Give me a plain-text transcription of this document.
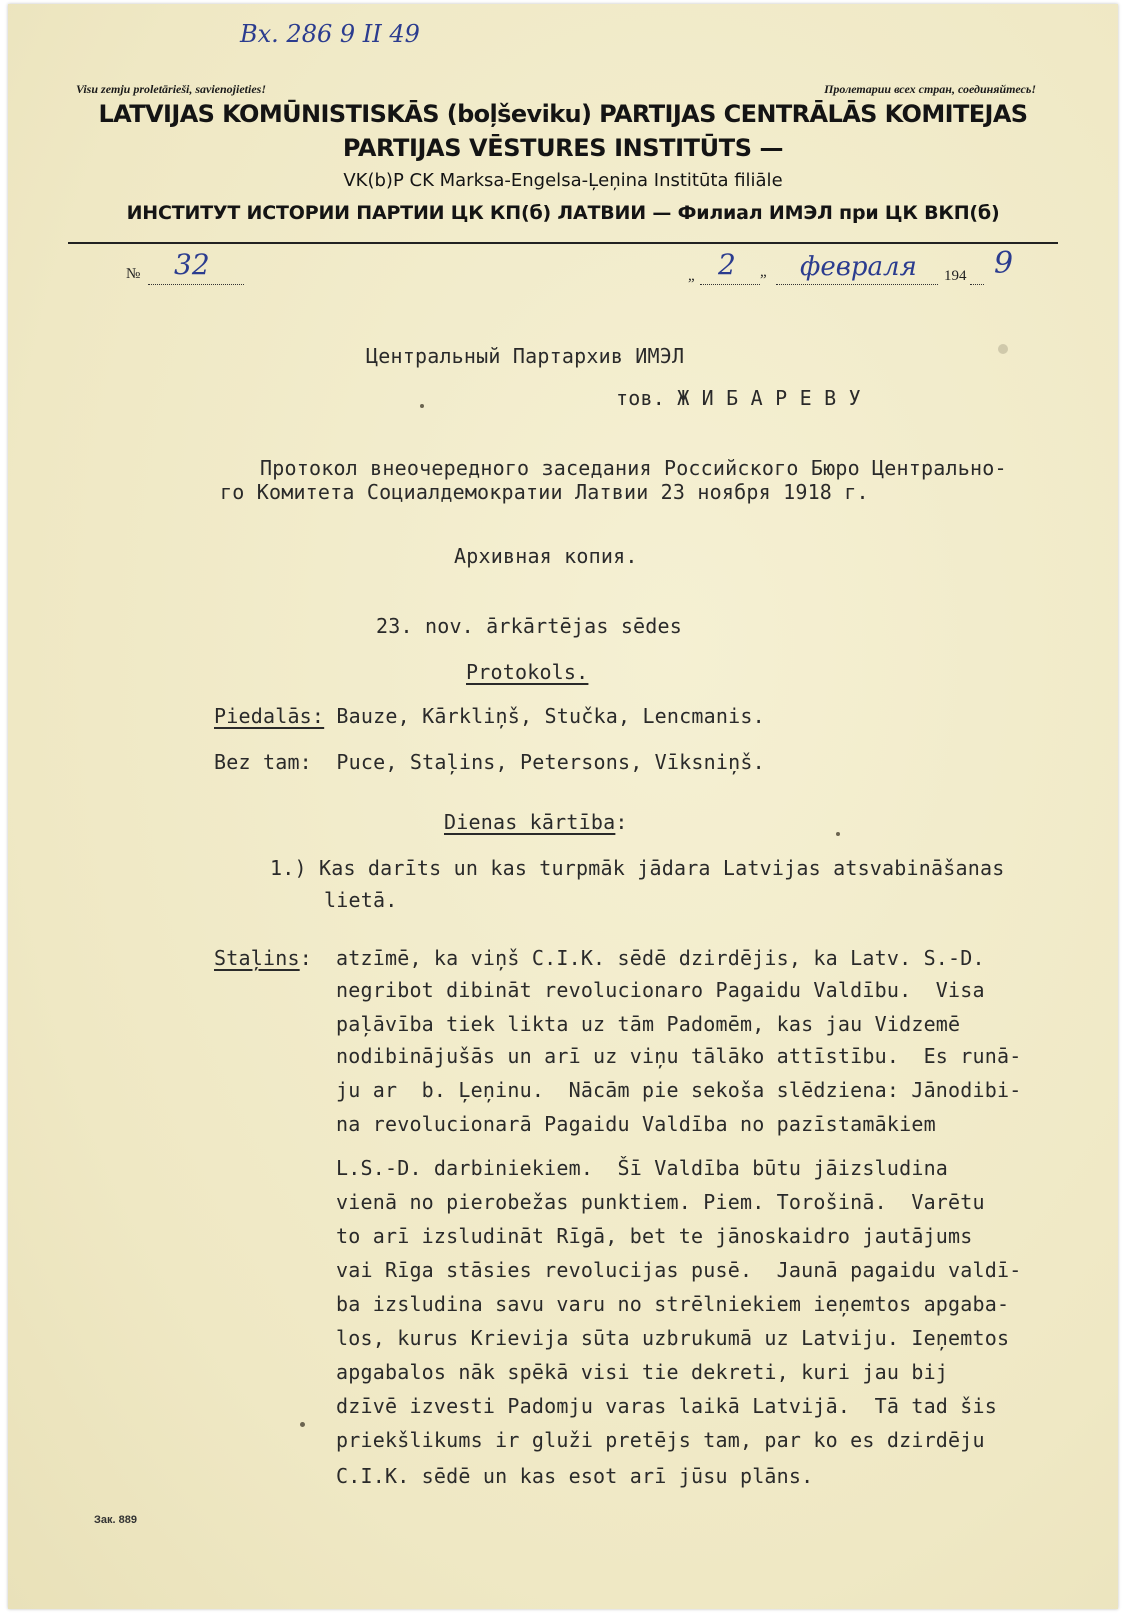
Вх. 286 9 II 49
Visu zemju proletārieši, savienojieties!	Пролетарии всех стран, соединяйтесь!
LATVIJAS KOMŪNISTISKĀS (boļševiku) PARTIJAS CENTRĀLĀS KOMITEJAS
PARTIJAS VĒSTURES INSTITŪTS —
VK(b)P CK Marksa-Engelsa-Ļeņina Institūta filiāle
ИНСТИТУТ ИСТОРИИ ПАРТИИ ЦК КП(б) ЛАТВИИ — Филиал ИМЭЛ при ЦК ВКП(б)
№ 32	„ 2 „ февраля 194 9
Центральный Партархив ИМЭЛ
тов. Ж И Б А Р Е В У
Протокол внеочередного заседания Российского Бюро Центрально-
го Комитета Социалдемократии Латвии 23 ноября 1918 г.
Архивная копия.
23. nov. ārkārtējas sēdes
Protokols.
Piedalās: Bauze, Kārkliņš, Stučka, Lencmanis.
Bez tam:  Puce, Staļins, Petersons, Vīksniņš.
Dienas kārtība:
1.) Kas darīts un kas turpmāk jādara Latvijas atsvabināšanas
lietā.
Staļins: atzīmē, ka viņš C.I.K. sēdē dzirdējis, ka Latv. S.-D.
negribot dibināt revolucionaro Pagaidu Valdību.  Visa
paļāvība tiek likta uz tām Padomēm, kas jau Vidzemē
nodibinājušās un arī uz viņu tālāko attīstību.  Es runā-
ju ar  b. Ļeņinu.  Nācām pie sekoša slēdziena: Jānodibi-
na revolucionarā Pagaidu Valdība no pazīstamākiem
L.S.-D. darbiniekiem.  Šī Valdība būtu jāizsludina
vienā no pierobežas punktiem. Piem. Torošinā.  Varētu
to arī izsludināt Rīgā, bet te jānoskaidro jautājums
vai Rīga stāsies revolucijas pusē.  Jaunā pagaidu valdī-
ba izsludina savu varu no strēlniekiem ieņemtos apgaba-
los, kurus Krievija sūta uzbrukumā uz Latviju. Ieņemtos
apgabalos nāk spēkā visi tie dekreti, kuri jau bij
dzīvē izvesti Padomju varas laikā Latvijā.  Tā tad šis
priekšlikums ir gluži pretējs tam, par ko es dzirdēju
C.I.K. sēdē un kas esot arī jūsu plāns.
Зак. 889
